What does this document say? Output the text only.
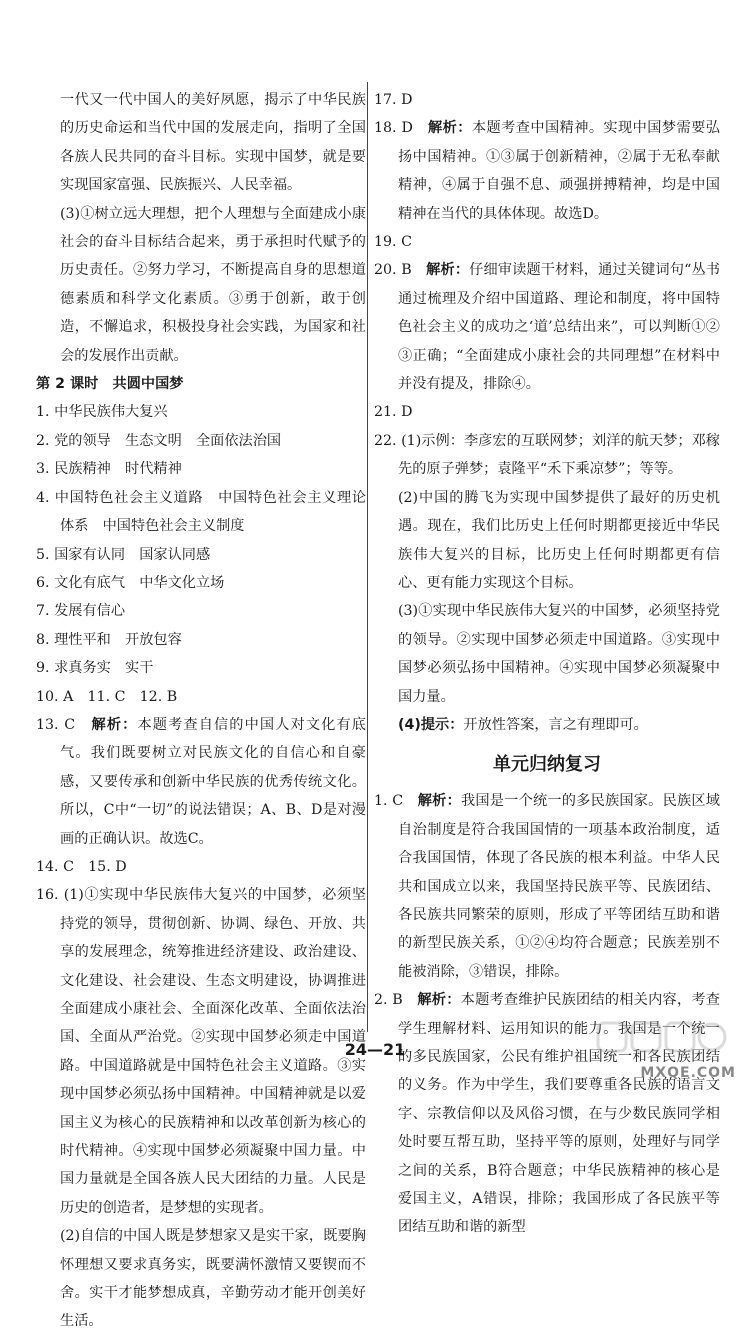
一代又一代中国人的美好夙愿，揭示了中华民族的历史命运和当代中国的发展走向，指明了全国各族人民共同的奋斗目标。实现中国梦，就是要实现国家富强、民族振兴、人民幸福。

(3)①树立远大理想，把个人理想与全面建成小康社会的奋斗目标结合起来，勇于承担时代赋予的历史责任。②努力学习，不断提高自身的思想道德素质和科学文化素质。③勇于创新，敢于创造，不懈追求，积极投身社会实践，为国家和社会的发展作出贡献。

第 2 课时　共圆中国梦

1. 中华民族伟大复兴

2. 党的领导　生态文明　全面依法治国

3. 民族精神　时代精神

4. 中国特色社会主义道路　中国特色社会主义理论体系　中国特色社会主义制度

5. 国家有认同　国家认同感

6. 文化有底气　中华文化立场

7. 发展有信心

8. 理性平和　开放包容

9. 求真务实　实干

10. A　11. C　12. B

13. C　 解析：本题考查自信的中国人对文化有底气。我们既要树立对民族文化的自信心和自豪感，又要传承和创新中华民族的优秀传统文化。所以，C中“一切”的说法错误；A、B、D是对漫画的正确认识。故选C。

14. C　15. D

16. (1)①实现中华民族伟大复兴的中国梦，必须坚持党的领导，贯彻创新、协调、绿色、开放、共享的发展理念，统筹推进经济建设、政治建设、文化建设、社会建设、生态文明建设，协调推进全面建成小康社会、全面深化改革、全面依法治国、全面从严治党。②实现中国梦必须走中国道路。中国道路就是中国特色社会主义道路。③实现中国梦必须弘扬中国精神。中国精神就是以爱国主义为核心的民族精神和以改革创新为核心的时代精神。④实现中国梦必须凝聚中国力量。中国力量就是全国各族人民大团结的力量。人民是历史的创造者，是梦想的实现者。

(2)自信的中国人既是梦想家又是实干家，既要胸怀理想又要求真务实，既要满怀激情又要锲而不舍。实干才能梦想成真，辛勤劳动才能开创美好生活。

17. D

18. D　 解析：本题考查中国精神。实现中国梦需要弘扬中国精神。①③属于创新精神，②属于无私奉献精神，④属于自强不息、顽强拼搏精神，均是中国精神在当代的具体体现。故选D。

19. C

20. B　 解析：仔细审读题干材料，通过关键词句“丛书通过梳理及介绍中国道路、理论和制度，将中国特色社会主义的成功之‘道’总结出来”，可以判断①②③正确；“全面建成小康社会的共同理想”在材料中并没有提及，排除④。

21. D

22. (1)示例：李彦宏的互联网梦；刘洋的航天梦；邓稼先的原子弹梦；袁隆平“禾下乘凉梦”；等等。

(2)中国的腾飞为实现中国梦提供了最好的历史机遇。现在，我们比历史上任何时期都更接近中华民族伟大复兴的目标，比历史上任何时期都更有信心、更有能力实现这个目标。

(3)①实现中华民族伟大复兴的中国梦，必须坚持党的领导。②实现中国梦必须走中国道路。③实现中国梦必须弘扬中国精神。④实现中国梦必须凝聚中国力量。

(4)提示：开放性答案，言之有理即可。

单元归纳复习

1. C　 解析：我国是一个统一的多民族国家。民族区域自治制度是符合我国国情的一项基本政治制度，适合我国国情，体现了各民族的根本利益。中华人民共和国成立以来，我国坚持民族平等、民族团结、各民族共同繁荣的原则，形成了平等团结互助和谐的新型民族关系，①②④均符合题意；民族差别不能被消除，③错误，排除。

2. B　 解析：本题考查维护民族团结的相关内容，考查学生理解材料、运用知识的能力。我国是一个统一的多民族国家，公民有维护祖国统一和各民族团结的义务。作为中学生，我们要尊重各民族的语言文字、宗教信仰以及风俗习惯，在与少数民族同学相处时要互帮互助，坚持平等的原则，处理好与同学之间的关系，B符合题意；中华民族精神的核心是爱国主义，A错误，排除；我国形成了各民族平等团结互助和谐的新型

24—21
MXQE.COM
